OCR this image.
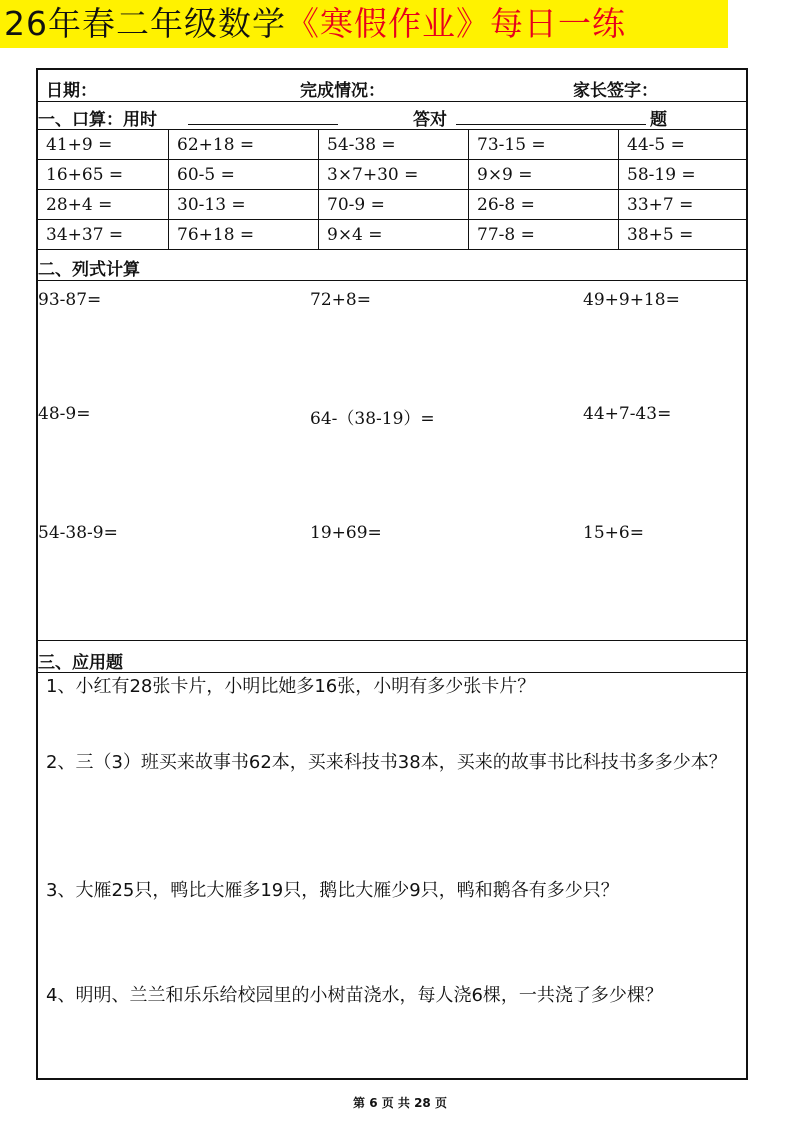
26年春二年级数学《寒假作业》每日一练
日期：	完成情况：	家长签字：
一、口算：用时	答对	题
41+9 =	62+18 =	54-38 =	73-15 =	44-5 =
16+65 =	60-5 =	3×7+30 =	9×9 =	58-19 =
28+4 =	30-13 =	70-9 =	26-8 =	33+7 =
34+37 =	76+18 =	9×4 =	77-8 =	38+5 =
二、列式计算
93-87=	72+8=	49+9+18=
48-9=	64-（38-19）=	44+7-43=
54-38-9=	19+69=	15+6=
三、应用题
1、小红有28张卡片，小明比她多16张，小明有多少张卡片？
2、三（3）班买来故事书62本，买来科技书38本，买来的故事书比科技书多多少本？
3、大雁25只，鸭比大雁多19只，鹅比大雁少9只，鸭和鹅各有多少只？
4、明明、兰兰和乐乐给校园里的小树苗浇水，每人浇6棵，一共浇了多少棵？
第 6 页 共 28 页
